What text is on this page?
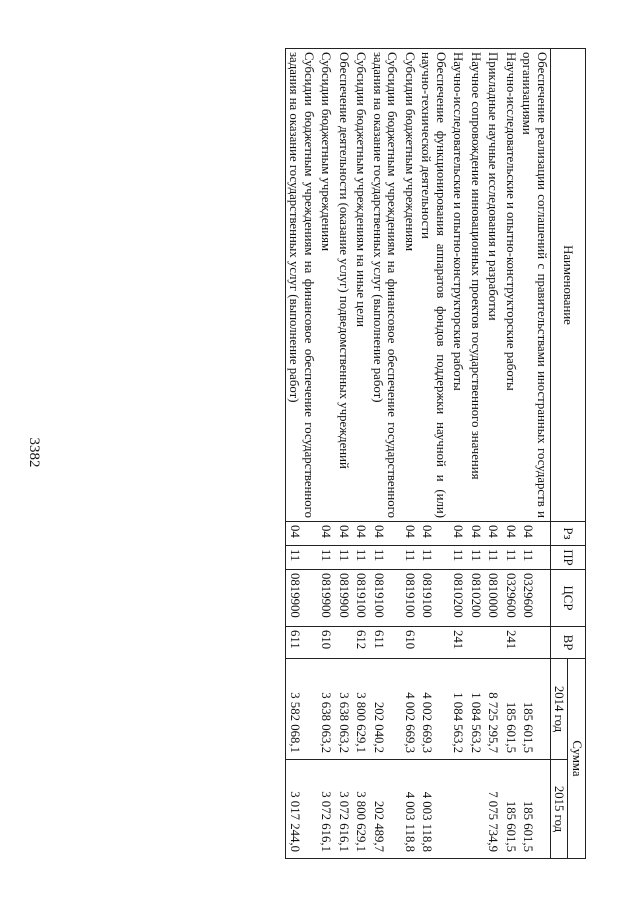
3382
Наименование	Рз	ПР	ЦСР	ВР	Сумма	
					2014 год	2015 год
Обеспечение реализации соглашений с правительствами иностранных государств и организациями	04	11	0329600		185 601,5	185 601,5
Научно-исследовательские и опытно-конструкторские работы	04	11	0329600	241	185 601,5	185 601,5
Прикладные научные исследования и разработки	04	11	0810000		8 725 295,7	7 075 734,9
Научное сопровождение инновационных проектов государственного значения	04	11	0810200		1 084 563,2	
Научно-исследовательские и опытно-конструкторские работы	04	11	0810200	241	1 084 563,2	
Обеспечение функционирования аппаратов фондов поддержки научной и (или) научно-технической деятельности	04	11	0819100		4 002 669,3	4 003 118,8
Субсидии бюджетным учреждениям	04	11	0819100	610	4 002 669,3	4 003 118,8
Субсидии бюджетным учреждениям на финансовое обеспечение государственного задания на оказание государственных услуг (выполнение работ)	04	11	0819100	611	202 040,2	202 489,7
Субсидии бюджетным учреждениям на иные цели	04	11	0819100	612	3 800 629,1	3 800 629,1
Обеспечение деятельности (оказание услуг) подведомственных учреждений	04	11	0819900		3 638 063,2	3 072 616,1
Субсидии бюджетным учреждениям	04	11	0819900	610	3 638 063,2	3 072 616,1
Субсидии бюджетным учреждениям на финансовое обеспечение государственного задания на оказание государственных услуг (выполнение работ)	04	11	0819900	611	3 582 068,1	3 017 244,0
